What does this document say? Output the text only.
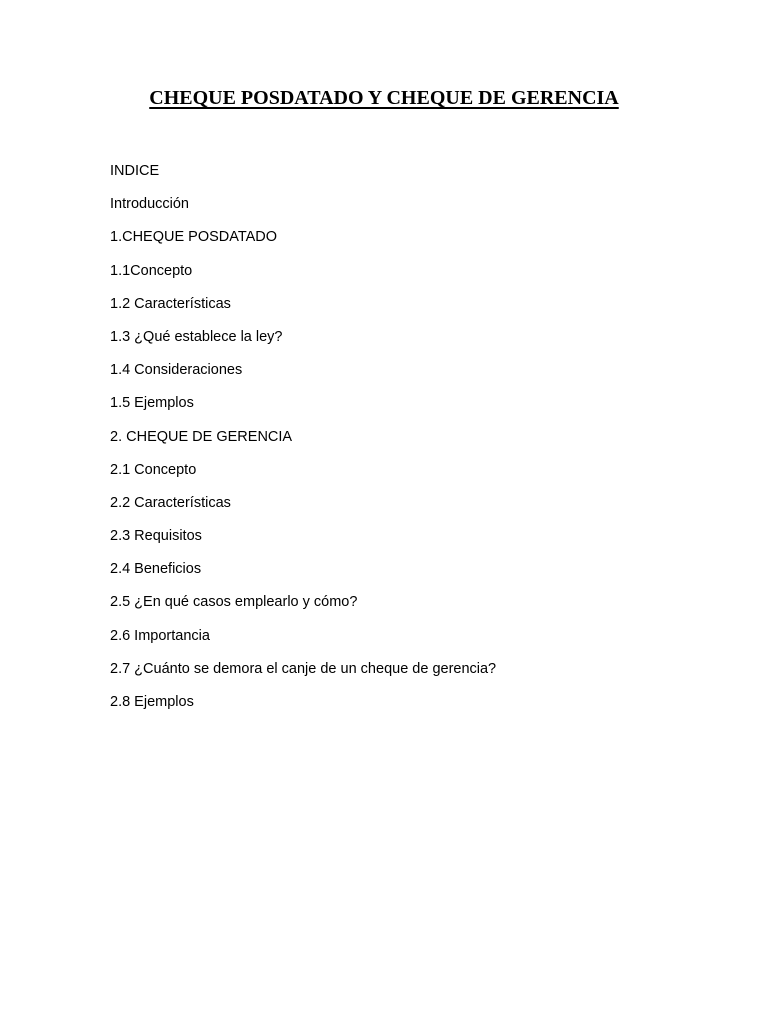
CHEQUE POSDATADO Y CHEQUE DE GERENCIA
INDICE
Introducción
1.CHEQUE POSDATADO
1.1Concepto
1.2 Características
1.3 ¿Qué establece la ley?
1.4 Consideraciones
1.5 Ejemplos
2. CHEQUE DE GERENCIA
2.1 Concepto
2.2 Características
2.3 Requisitos
2.4 Beneficios
2.5 ¿En qué casos emplearlo y cómo?
2.6 Importancia
2.7 ¿Cuánto se demora el canje de un cheque de gerencia?
2.8 Ejemplos
